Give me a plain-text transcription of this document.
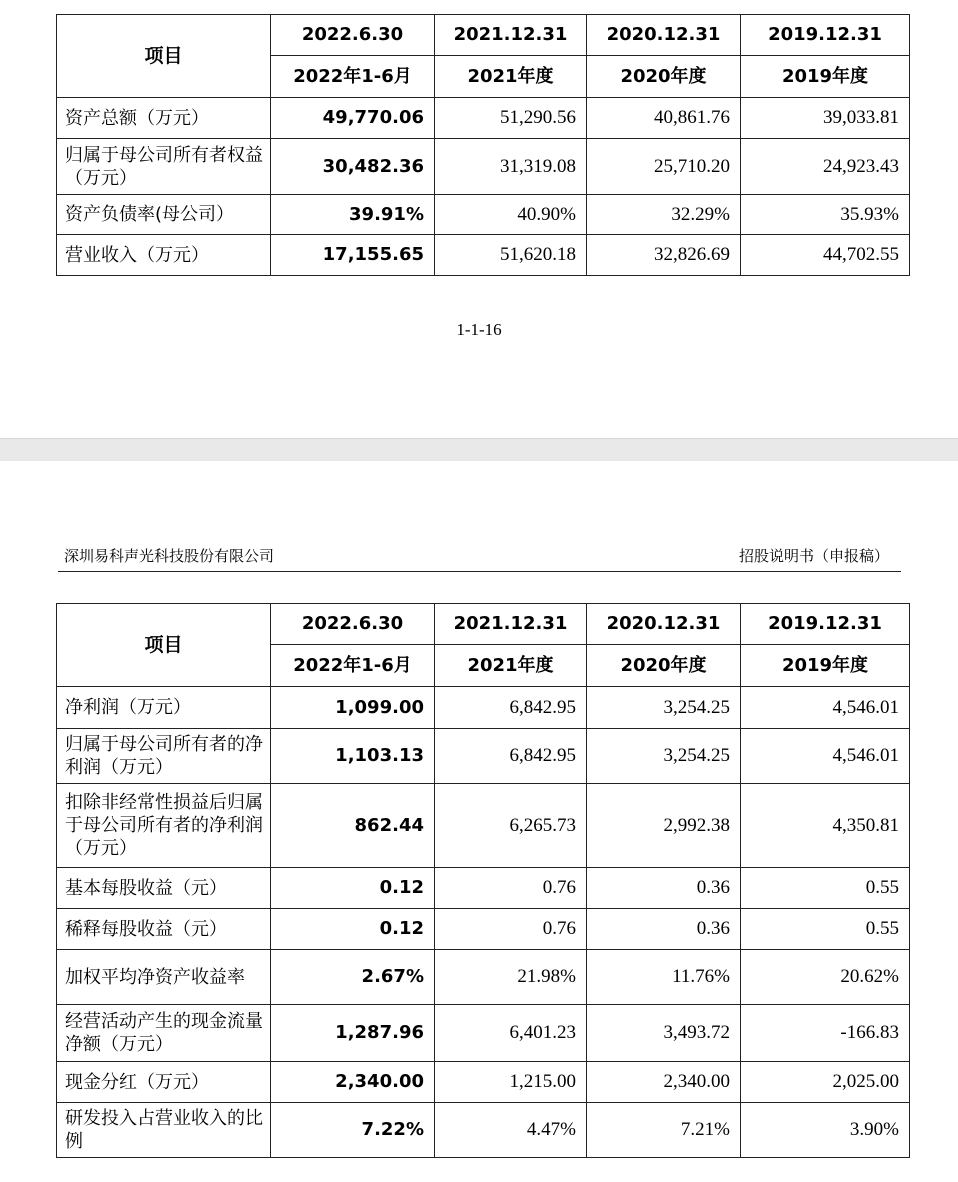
项目	2022.6.30	2021.12.31	2020.12.31	2019.12.31
	2022年1-6月	2021年度	2020年度	2019年度
资产总额（万元）	49,770.06	51,290.56	40,861.76	39,033.81
归属于母公司所有者权益（万元）	30,482.36	31,319.08	25,710.20	24,923.43
资产负债率(母公司）	39.91%	40.90%	32.29%	35.93%
营业收入（万元）	17,155.65	51,620.18	32,826.69	44,702.55
1-1-16
深圳易科声光科技股份有限公司	招股说明书（申报稿）
项目	2022.6.30	2021.12.31	2020.12.31	2019.12.31
	2022年1-6月	2021年度	2020年度	2019年度
净利润（万元）	1,099.00	6,842.95	3,254.25	4,546.01
归属于母公司所有者的净利润（万元）	1,103.13	6,842.95	3,254.25	4,546.01
扣除非经常性损益后归属于母公司所有者的净利润（万元）	862.44	6,265.73	2,992.38	4,350.81
基本每股收益（元）	0.12	0.76	0.36	0.55
稀释每股收益（元）	0.12	0.76	0.36	0.55
加权平均净资产收益率	2.67%	21.98%	11.76%	20.62%
经营活动产生的现金流量净额（万元）	1,287.96	6,401.23	3,493.72	-166.83
现金分红（万元）	2,340.00	1,215.00	2,340.00	2,025.00
研发投入占营业收入的比例	7.22%	4.47%	7.21%	3.90%
